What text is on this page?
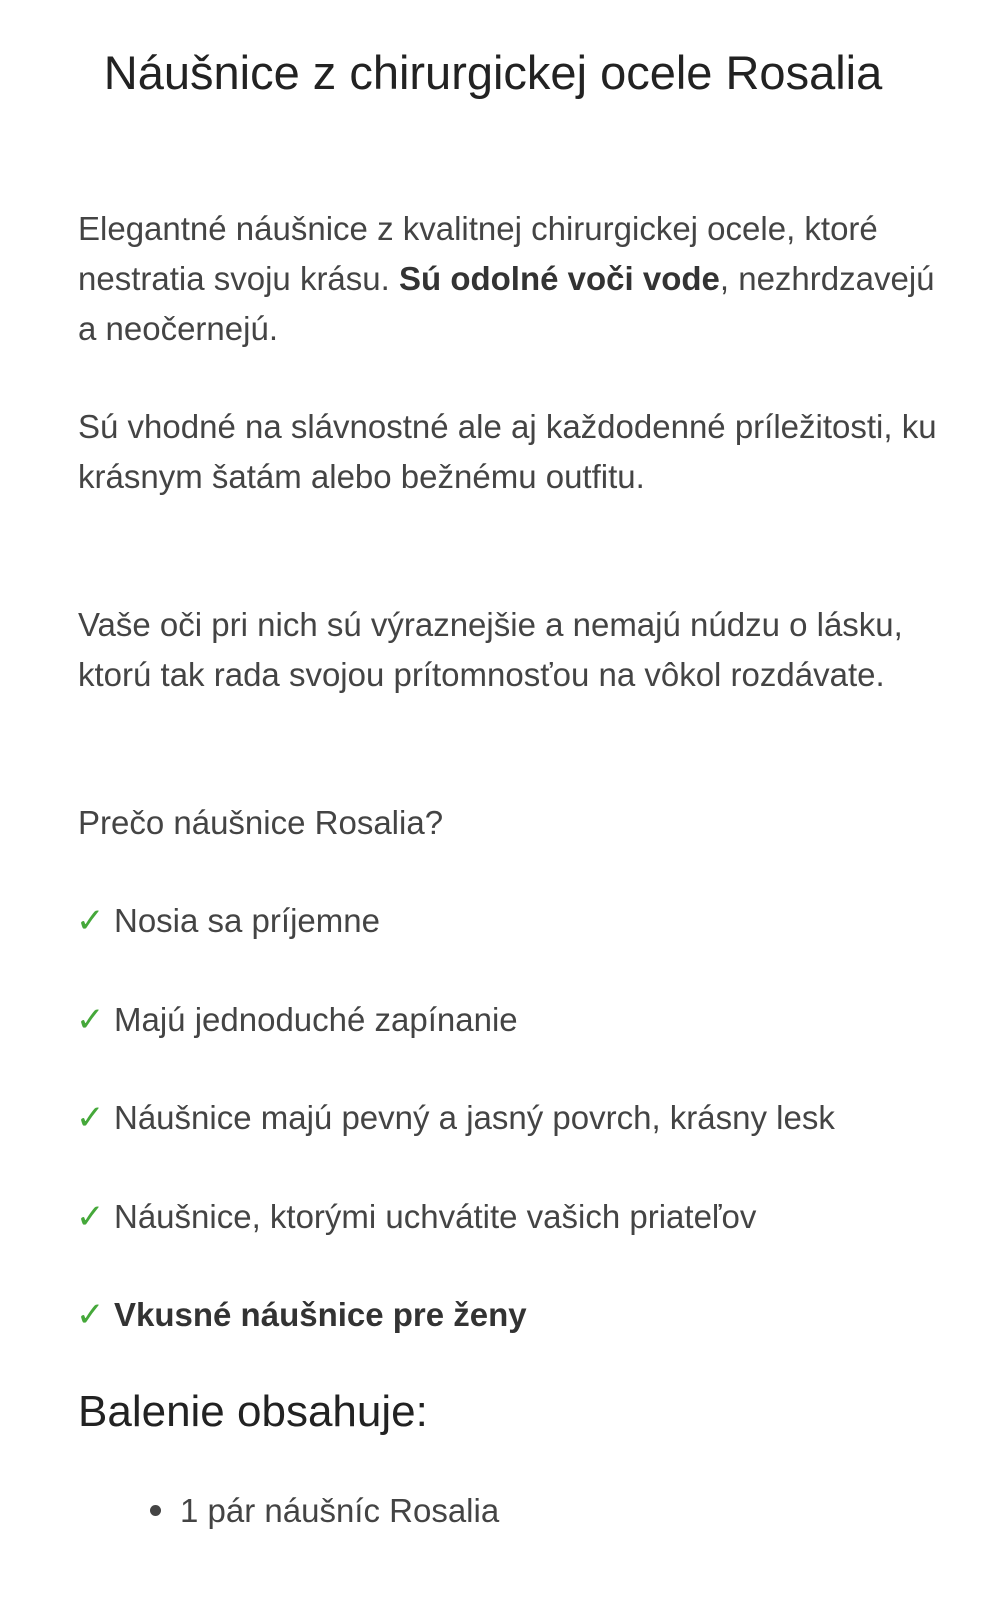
Náušnice z chirurgickej ocele Rosalia

Elegantné náušnice z kvalitnej chirurgickej ocele, ktoré nestratia svoju krásu. Sú odolné voči vode, nezhrdzavejú a neočernejú.

Sú vhodné na slávnostné ale aj každodenné príležitosti, ku krásnym šatám alebo bežnému outfitu.

Vaše oči pri nich sú výraznejšie a nemajú núdzu o lásku, ktorú tak rada svojou prítomnosťou na vôkol rozdávate.

Prečo náušnice Rosalia?

✓ Nosia sa príjemne
✓ Majú jednoduché zapínanie
✓ Náušnice majú pevný a jasný povrch, krásny lesk
✓ Náušnice, ktorými uchvátite vašich priateľov
✓ Vkusné náušnice pre ženy
Balenie obsahuje:
1 pár náušníc Rosalia
